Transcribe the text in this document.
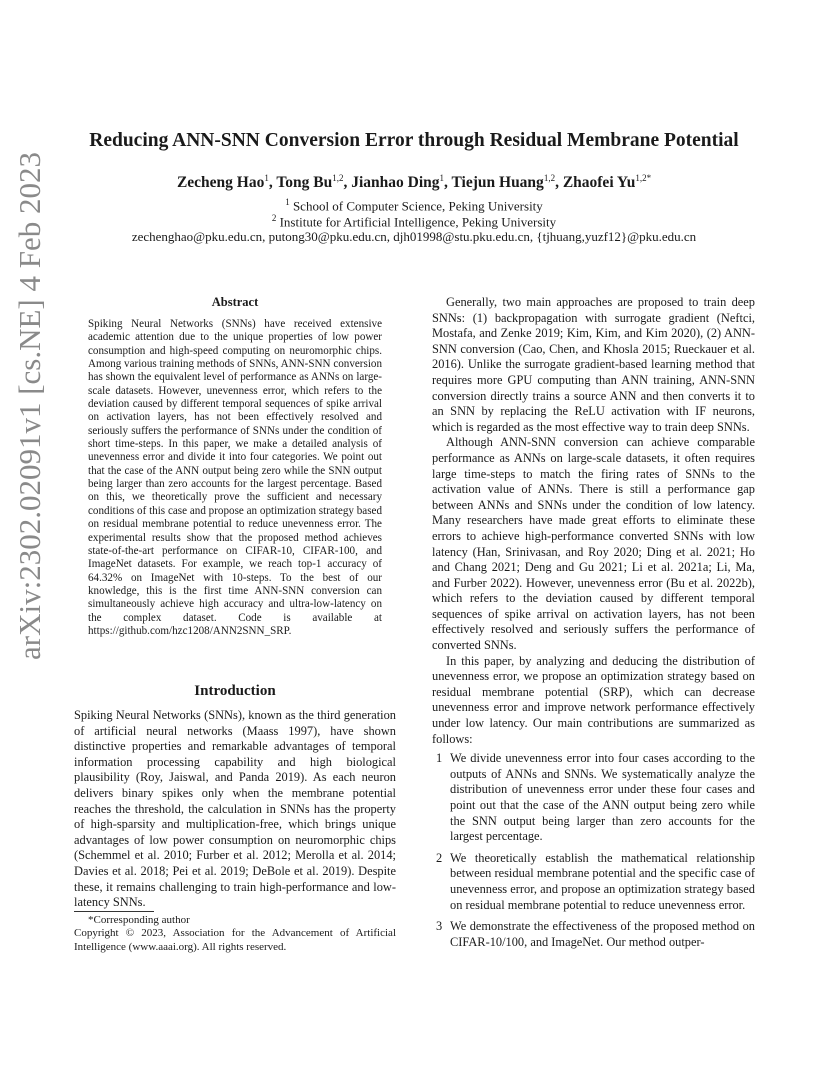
arXiv:2302.02091v1 [cs.NE] 4 Feb 2023
Reducing ANN-SNN Conversion Error through Residual Membrane Potential
Zecheng Hao$^1$, Tong Bu$^{1,2}$, Jianhao Ding$^1$, Tiejun Huang$^{1,2}$, Zhaofei $Yu^{1,2*}$
$^1$ School of Computer Science, Peking University
$^2$ Institute for Artificial Intelligence, Peking University
zechenghao@pku.edu.cn, putong30@pku.edu.cn, djh01998@stu.pku.edu.cn, {tjhuang,yuzf12}@pku.edu.cn
Abstract
Spiking Neural Networks (SNNs) have received extensive academic attention due to the unique properties of low power consumption and high-speed computing on neuromorphic chips. Among various training methods of SNNs, ANN-SNN conversion has shown the equivalent level of performance as ANNs on large-scale datasets. However, unevenness error, which refers to the deviation caused by different temporal sequences of spike arrival on activation layers, has not been effectively resolved and seriously suffers the performance of SNNs under the condition of short time-steps. In this paper, we make a detailed analysis of unevenness error and divide it into four categories. We point out that the case of the ANN output being zero while the SNN output being larger than zero accounts for the largest percentage. Based on this, we theoretically prove the sufficient and necessary conditions of this case and propose an optimization strategy based on residual membrane potential to reduce unevenness error. The experimental results show that the proposed method achieves state-of-the-art performance on CIFAR-10, CIFAR-100, and ImageNet datasets. For example, we reach top-1 accuracy of 64.32% on ImageNet with 10-steps. To the best of our knowledge, this is the first time ANN-SNN conversion can simultaneously achieve high accuracy and ultra-low-latency on the complex dataset. Code is available at https://github.com/hzc1208/ANN2SNN_SRP.
Introduction

Spiking Neural Networks (SNNs), known as the third generation of artificial neural networks (Maass 1997), have shown distinctive properties and remarkable advantages of temporal information processing capability and high biological plausibility (Roy, Jaiswal, and Panda 2019). As each neuron delivers binary spikes only when the membrane potential reaches the threshold, the calculation in SNNs has the property of high-sparsity and multiplication-free, which brings unique advantages of low power consumption on neuromorphic chips (Schemmel et al. 2010; Furber et al. 2012; Merolla et al. 2014; Davies et al. 2018; Pei et al. 2019; DeBole et al. 2019). Despite these, it remains challenging to train high-performance and low-latency SNNs.

*Corresponding author
Copyright © 2023, Association for the Advancement of Artificial Intelligence (www.aaai.org). All rights reserved.

Generally, two main approaches are proposed to train deep SNNs: (1) backpropagation with surrogate gradient (Neftci, Mostafa, and Zenke 2019; Kim, Kim, and Kim 2020), (2) ANN-SNN conversion (Cao, Chen, and Khosla 2015; Rueckauer et al. 2016). Unlike the surrogate gradient-based learning method that requires more GPU computing than ANN training, ANN-SNN conversion directly trains a source ANN and then converts it to an SNN by replacing the ReLU activation with IF neurons, which is regarded as the most effective way to train deep SNNs.

Although ANN-SNN conversion can achieve comparable performance as ANNs on large-scale datasets, it often requires large time-steps to match the firing rates of SNNs to the activation value of ANNs. There is still a performance gap between ANNs and SNNs under the condition of low latency. Many researchers have made great efforts to eliminate these errors to achieve high-performance converted SNNs with low latency (Han, Srinivasan, and Roy 2020; Ding et al. 2021; Ho and Chang 2021; Deng and Gu 2021; Li et al. 2021a; Li, Ma, and Furber 2022). However, unevenness error (Bu et al. 2022b), which refers to the deviation caused by different temporal sequences of spike arrival on activation layers, has not been effectively resolved and seriously suffers the performance of converted SNNs.

In this paper, by analyzing and deducing the distribution of unevenness error, we propose an optimization strategy based on residual membrane potential (SRP), which can decrease unevenness error and improve network performance effectively under low latency. Our main contributions are summarized as follows:

1 We divide unevenness error into four cases according to the outputs of ANNs and SNNs. We systematically analyze the distribution of unevenness error under these four cases and point out that the case of the ANN output being zero while the SNN output being larger than zero accounts for the largest percentage.
2 We theoretically establish the mathematical relationship between residual membrane potential and the specific case of unevenness error, and propose an optimization strategy based on residual membrane potential to reduce unevenness error.
3 We demonstrate the effectiveness of the proposed method on CIFAR-10/100, and ImageNet. Our method outper-
